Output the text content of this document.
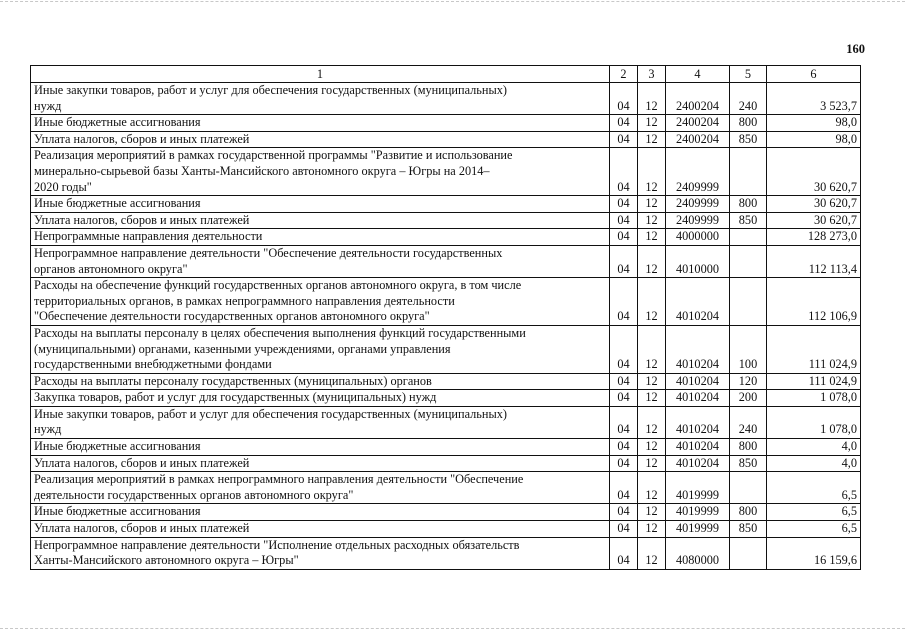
160
1	2	3	4	5	6
Иные закупки товаров, работ и услуг для обеспечения государственных (муниципальных)
нужд	04	12	2400204	240	3 523,7
Иные бюджетные ассигнования	04	12	2400204	800	98,0
Уплата налогов, сборов и иных платежей	04	12	2400204	850	98,0
Реализация мероприятий в рамках государственной программы "Развитие и использование
минерально-сырьевой базы Ханты-Мансийского автономного округа – Югры на 2014–
2020 годы"	04	12	2409999		30 620,7
Иные бюджетные ассигнования	04	12	2409999	800	30 620,7
Уплата налогов, сборов и иных платежей	04	12	2409999	850	30 620,7
Непрограммные направления деятельности	04	12	4000000		128 273,0
Непрограммное направление деятельности "Обеспечение деятельности государственных
органов автономного округа"	04	12	4010000		112 113,4
Расходы на обеспечение функций государственных органов автономного округа, в том числе
территориальных органов, в рамках непрограммного направления деятельности
"Обеспечение деятельности государственных органов автономного округа"	04	12	4010204		112 106,9
Расходы на выплаты персоналу в целях обеспечения выполнения функций государственными
(муниципальными) органами, казенными учреждениями, органами управления
государственными внебюджетными фондами	04	12	4010204	100	111 024,9
Расходы на выплаты персоналу государственных (муниципальных) органов	04	12	4010204	120	111 024,9
Закупка товаров, работ и услуг для государственных (муниципальных) нужд	04	12	4010204	200	1 078,0
Иные закупки товаров, работ и услуг для обеспечения государственных (муниципальных)
нужд	04	12	4010204	240	1 078,0
Иные бюджетные ассигнования	04	12	4010204	800	4,0
Уплата налогов, сборов и иных платежей	04	12	4010204	850	4,0
Реализация мероприятий в рамках непрограммного направления деятельности "Обеспечение
деятельности государственных органов автономного округа"	04	12	4019999		6,5
Иные бюджетные ассигнования	04	12	4019999	800	6,5
Уплата налогов, сборов и иных платежей	04	12	4019999	850	6,5
Непрограммное направление деятельности "Исполнение отдельных расходных обязательств
Ханты-Мансийского автономного округа – Югры"	04	12	4080000		16 159,6
